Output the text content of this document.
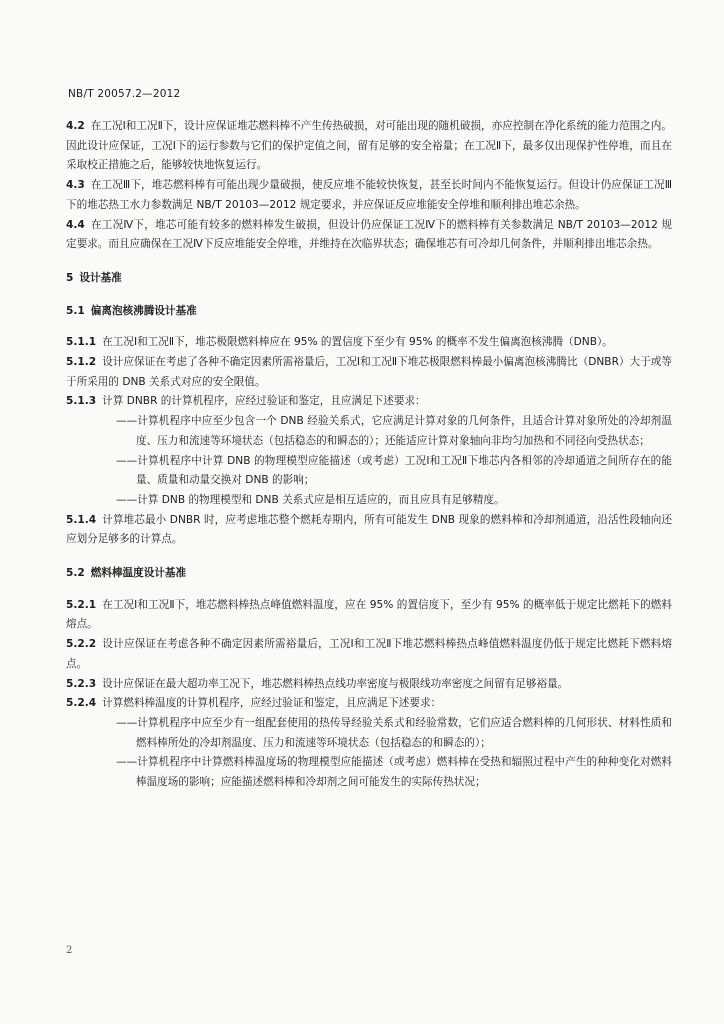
NB/T 20057.2—2012

4.2 在工况Ⅰ和工况Ⅱ下，设计应保证堆芯燃料棒不产生传热破损，对可能出现的随机破损，亦应控制在净化系统的能力范围之内。因此设计应保证，工况Ⅰ下的运行参数与它们的保护定值之间，留有足够的安全裕量；在工况Ⅱ下，最多仅出现保护性停堆，而且在采取校正措施之后，能够较快地恢复运行。

4.3 在工况Ⅲ下，堆芯燃料棒有可能出现少量破损，使反应堆不能较快恢复，甚至长时间内不能恢复运行。但设计仍应保证工况Ⅲ下的堆芯热工水力参数满足 NB/T 20103—2012 规定要求，并应保证反应堆能安全停堆和顺利排出堆芯余热。

4.4 在工况Ⅳ下，堆芯可能有较多的燃料棒发生破损，但设计仍应保证工况Ⅳ下的燃料棒有关参数满足 NB/T 20103—2012 规定要求。而且应确保在工况Ⅳ下反应堆能安全停堆，并维持在次临界状态；确保堆芯有可冷却几何条件，并顺利排出堆芯余热。

5 设计基准

5.1 偏离泡核沸腾设计基准

5.1.1 在工况Ⅰ和工况Ⅱ下，堆芯极限燃料棒应在 95% 的置信度下至少有 95% 的概率不发生偏离泡核沸腾（DNB）。

5.1.2 设计应保证在考虑了各种不确定因素所需裕量后，工况Ⅰ和工况Ⅱ下堆芯极限燃料棒最小偏离泡核沸腾比（DNBR）大于或等于所采用的 DNB 关系式对应的安全限值。

5.1.3 计算 DNBR 的计算机程序，应经过验证和鉴定，且应满足下述要求：

——计算机程序中应至少包含一个 DNB 经验关系式，它应满足计算对象的几何条件，且适合计算对象所处的冷却剂温度、压力和流速等环境状态（包括稳态的和瞬态的）；还能适应计算对象轴向非均匀加热和不同径向受热状态；

——计算机程序中计算 DNB 的物理模型应能描述（或考虑）工况Ⅰ和工况Ⅱ下堆芯内各相邻的冷却通道之间所存在的能量、质量和动量交换对 DNB 的影响；

——计算 DNB 的物理模型和 DNB 关系式应是相互适应的，而且应具有足够精度。

5.1.4 计算堆芯最小 DNBR 时，应考虑堆芯整个燃耗寿期内，所有可能发生 DNB 现象的燃料棒和冷却剂通道，沿活性段轴向还应划分足够多的计算点。

5.2 燃料棒温度设计基准

5.2.1 在工况Ⅰ和工况Ⅱ下，堆芯燃料棒热点峰值燃料温度，应在 95% 的置信度下，至少有 95% 的概率低于规定比燃耗下的燃料熔点。

5.2.2 设计应保证在考虑各种不确定因素所需裕量后，工况Ⅰ和工况Ⅱ下堆芯燃料棒热点峰值燃料温度仍低于规定比燃耗下燃料熔点。

5.2.3 设计应保证在最大超功率工况下，堆芯燃料棒热点线功率密度与极限线功率密度之间留有足够裕量。

5.2.4 计算燃料棒温度的计算机程序，应经过验证和鉴定，且应满足下述要求：

——计算机程序中应至少有一组配套使用的热传导经验关系式和经验常数，它们应适合燃料棒的几何形状、材料性质和燃料棒所处的冷却剂温度、压力和流速等环境状态（包括稳态的和瞬态的）；

——计算机程序中计算燃料棒温度场的物理模型应能描述（或考虑）燃料棒在受热和辐照过程中产生的种种变化对燃料棒温度场的影响；应能描述燃料棒和冷却剂之间可能发生的实际传热状况；

2
